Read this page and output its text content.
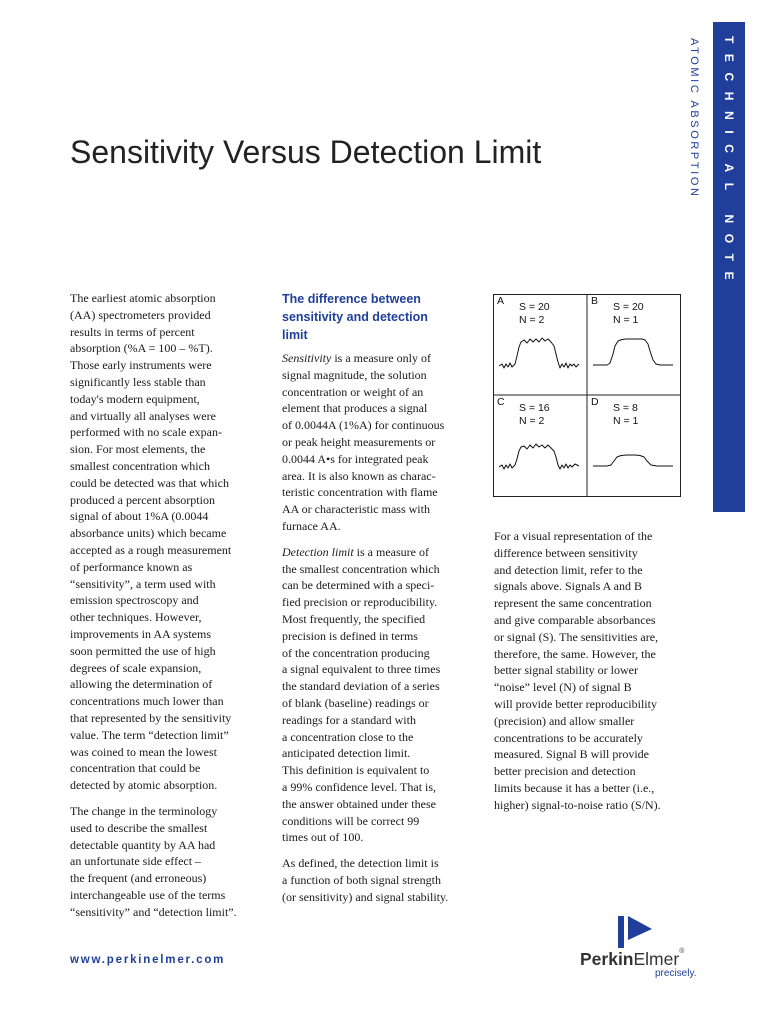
TECHNICAL NOTE
ATOMIC ABSORPTION
Sensitivity Versus Detection Limit

The earliest atomic absorption
(AA) spectrometers provided
results in terms of percent
absorption (%A = 100 – %T).
Those early instruments were
significantly less stable than
today's modern equipment,
and virtually all analyses were
performed with no scale expan-
sion. For most elements, the
smallest concentration which
could be detected was that which
produced a percent absorption
signal of about 1%A (0.0044
absorbance units) which became
accepted as a rough measurement
of performance known as
“sensitivity”, a term used with
emission spectroscopy and
other techniques. However,
improvements in AA systems
soon permitted the use of high
degrees of scale expansion,
allowing the determination of
concentrations much lower than
that represented by the sensitivity
value. The term “detection limit”
was coined to mean the lowest
concentration that could be
detected by atomic absorption.

The change in the terminology
used to describe the smallest
detectable quantity by AA had
an unfortunate side effect –
the frequent (and erroneous)
interchangeable use of the terms
“sensitivity” and “detection limit”.

The difference between
sensitivity and detection
limit

Sensitivity is a measure only of
signal magnitude, the solution
concentration or weight of an
element that produces a signal
of 0.0044A (1%A) for continuous
or peak height measurements or
0.0044 A•s for integrated peak
area. It is also known as charac-
teristic concentration with flame
AA or characteristic mass with
furnace AA.

Detection limit is a measure of
the smallest concentration which
can be determined with a speci-
fied precision or reproducibility.
Most frequently, the specified
precision is defined in terms
of the concentration producing
a signal equivalent to three times
the standard deviation of a series
of blank (baseline) readings or
readings for a standard with
a concentration close to the
anticipated detection limit.
This definition is equivalent to
a 99% confidence level. That is,
the answer obtained under these
conditions will be correct 99
times out of 100.

As defined, the detection limit is
a function of both signal strength
(or sensitivity) and signal stability.

A S = 20
N = 2
B S = 20
N = 1
C S = 16
N = 2
D S = 8
N = 1

For a visual representation of the
difference between sensitivity
and detection limit, refer to the
signals above. Signals A and B
represent the same concentration
and give comparable absorbances
or signal (S). The sensitivities are,
therefore, the same. However, the
better signal stability or lower
“noise” level (N) of signal B
will provide better reproducibility
(precision) and allow smaller
concentrations to be accurately
measured. Signal B will provide
better precision and detection
limits because it has a better (i.e.,
higher) signal-to-noise ratio (S/N).

www.perkinelmer.com	PerkinElmer®
precisely.
